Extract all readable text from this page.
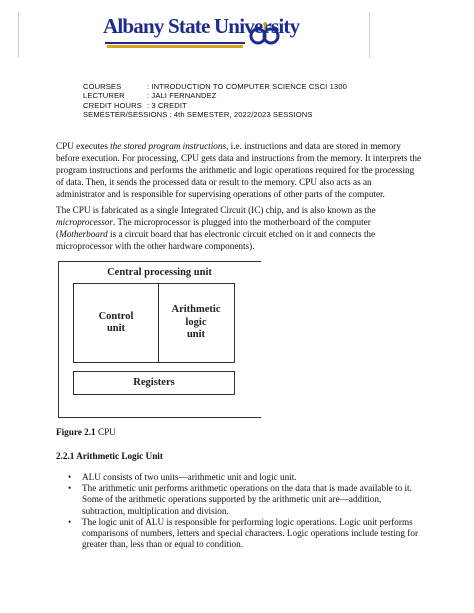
Albany State University
COURSES	: INTRODUCTION TO COMPUTER SCIENCE CSCI 1300
LECTURER	: JALI FERNANDEZ
CREDIT HOURS : 3 CREDIT
SEMESTER/SESSIONS : 4th SEMESTER, 2022/2023 SESSIONS

CPU executes the stored program instructions, i.e. instructions and data are stored in memory before execution. For processing, CPU gets data and instructions from the memory. It interprets the program instructions and performs the arithmetic and logic operations required for the processing of data. Then, it sends the processed data or result to the memory. CPU also acts as an administrator and is responsible for supervising operations of other parts of the computer.

The CPU is fabricated as a single Integrated Circuit (IC) chip, and is also known as the microprocessor. The microprocessor is plugged into the motherboard of the computer (Motherboard is a circuit board that has electronic circuit etched on it and connects the microprocessor with the other hardware components).

Central processing unit
Control
unit
Arithmetic
logic
unit
Registers
Figure 2.1 CPU
2.2.1 Arithmetic Logic Unit
• ALU consists of two units—arithmetic unit and logic unit.
• The arithmetic unit performs arithmetic operations on the data that is made available to it. Some of the arithmetic operations supported by the arithmetic unit are—addition, subtraction, multiplication and division.
• The logic unit of ALU is responsible for performing logic operations. Logic unit performs comparisons of numbers, letters and special characters. Logic operations include testing for greater than, less than or equal to condition.
